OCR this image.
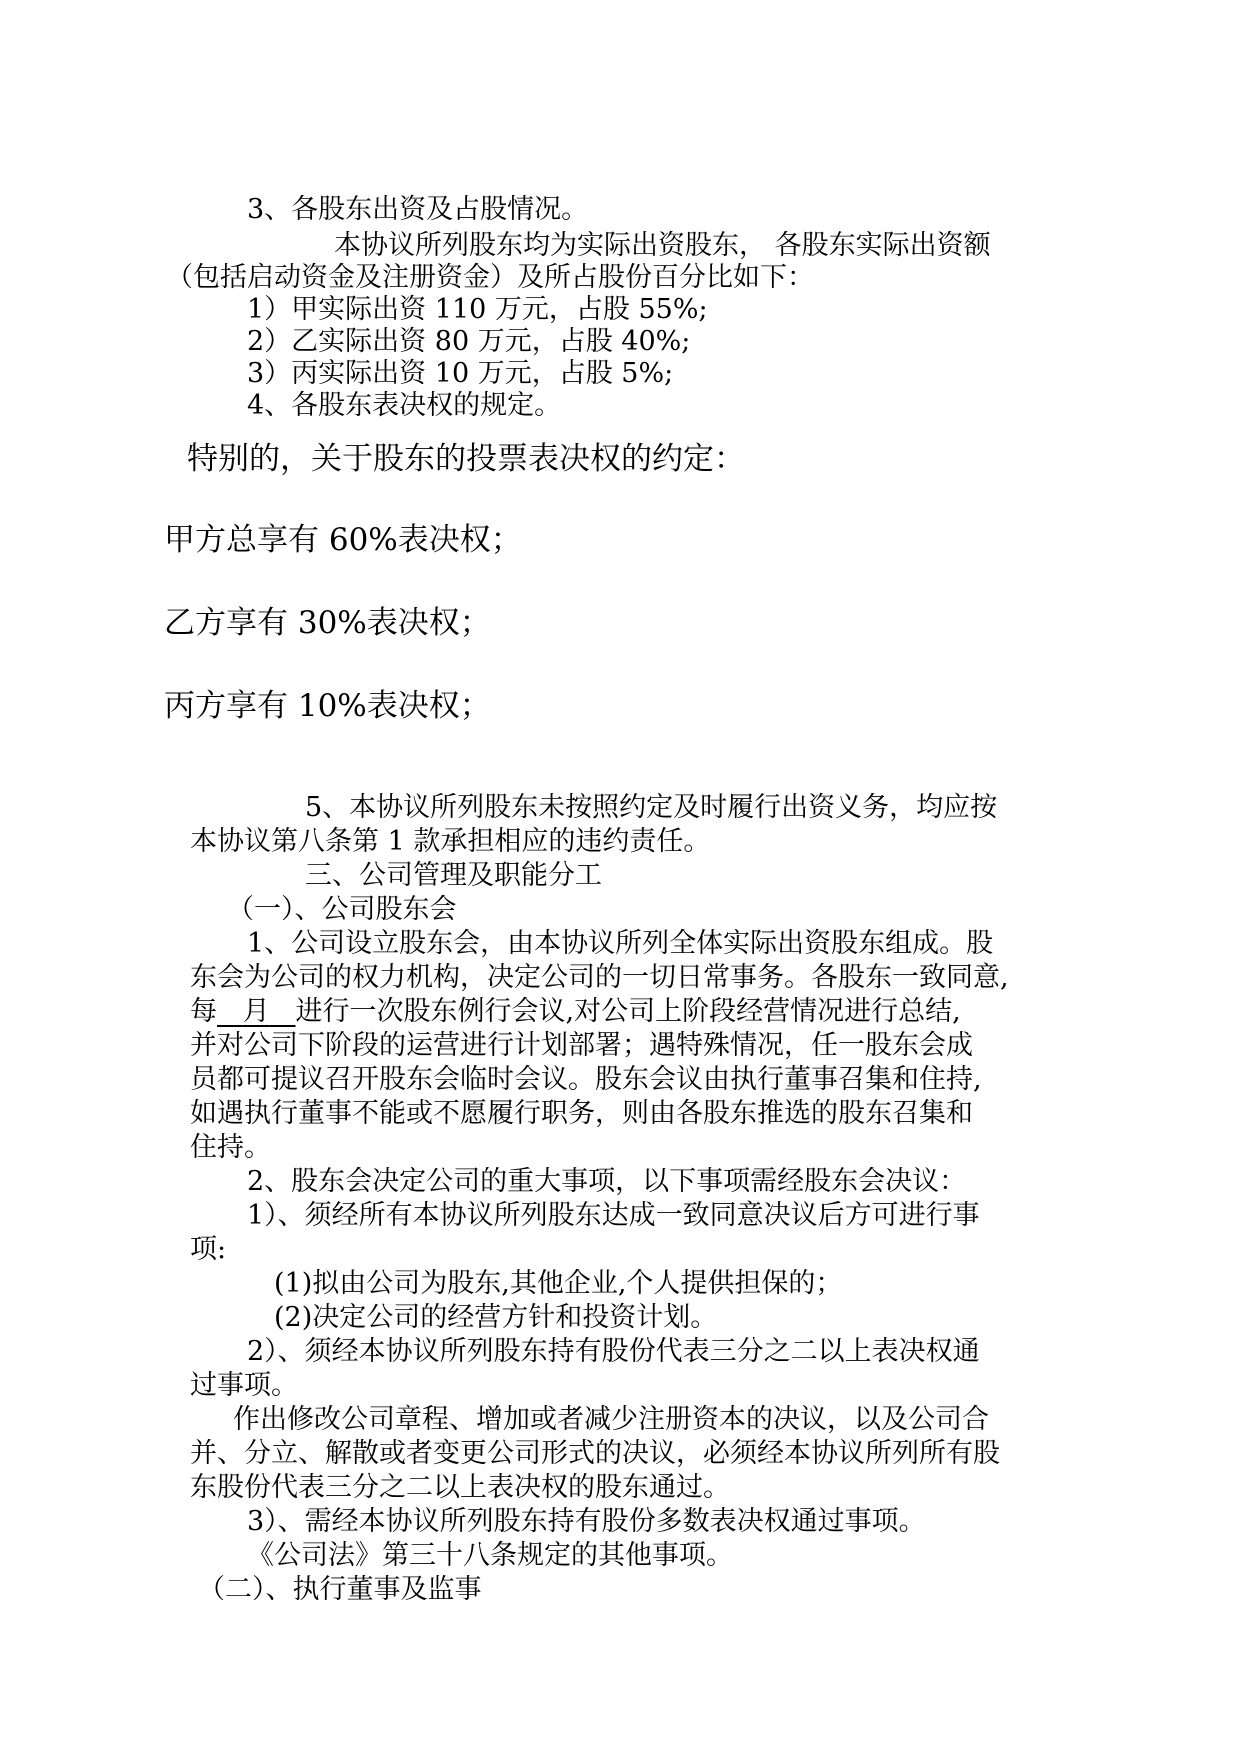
3、各股东出资及占股情况。
本协议所列股东均为实际出资股东， 各股东实际出资额
（包括启动资金及注册资金）及所占股份百分比如下：
1）甲实际出资 110 万元，占股 55%;
2）乙实际出资 80 万元，占股 40%;
3）丙实际出资 10 万元，占股 5%;
4、各股东表决权的规定。
特别的，关于股东的投票表决权的约定：
甲方总享有 60%表决权；
乙方享有 30%表决权；
丙方享有 10%表决权；
5、本协议所列股东未按照约定及时履行出资义务，均应按
本协议第八条第 1 款承担相应的违约责任。
三、公司管理及职能分工
（一）、公司股东会
1、公司设立股东会，由本协议所列全体实际出资股东组成。股
东会为公司的权力机构，决定公司的一切日常事务。各股东一致同意,
每 月 进行一次股东例行会议,对公司上阶段经营情况进行总结,
并对公司下阶段的运营进行计划部署；遇特殊情况，任一股东会成
员都可提议召开股东会临时会议。股东会议由执行董事召集和住持,
如遇执行董事不能或不愿履行职务，则由各股东推选的股东召集和
住持。
2、股东会决定公司的重大事项，以下事项需经股东会决议：
1）、须经所有本协议所列股东达成一致同意决议后方可进行事
项:
(1)拟由公司为股东,其他企业,个人提供担保的；
(2)决定公司的经营方针和投资计划。
2）、须经本协议所列股东持有股份代表三分之二以上表决权通
过事项。
作出修改公司章程、增加或者减少注册资本的决议，以及公司合
并、分立、解散或者变更公司形式的决议，必须经本协议所列所有股
东股份代表三分之二以上表决权的股东通过。
3）、需经本协议所列股东持有股份多数表决权通过事项。
《公司法》第三十八条规定的其他事项。
（二）、执行董事及监事
